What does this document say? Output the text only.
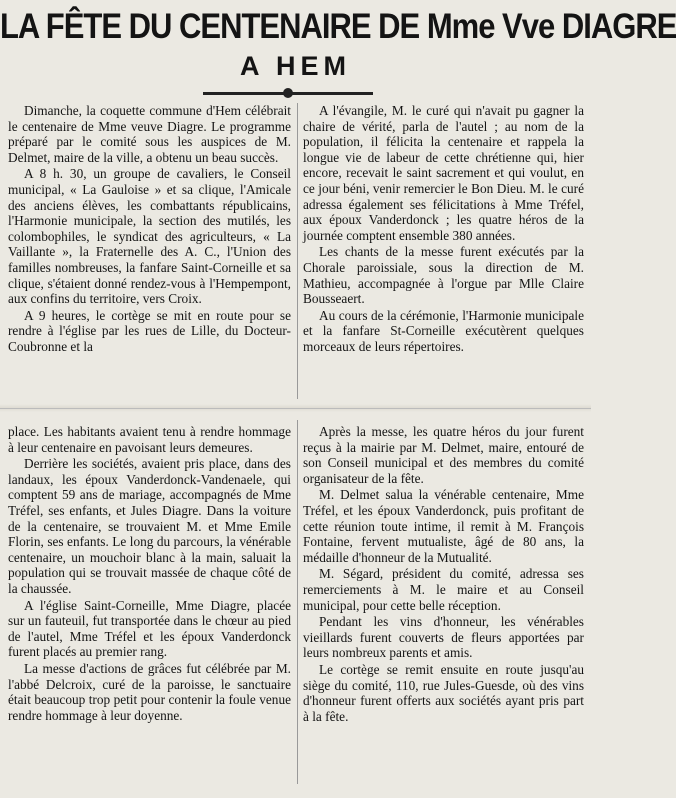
LA FÊTE DU CENTENAIRE DE Mme Vve DIAGRE
A HEM

Dimanche, la coquette commune d'Hem célébrait le centenaire de Mme veuve Diagre. Le programme préparé par le comité sous les auspices de M. Delmet, maire de la ville, a obtenu un beau succès.

A 8 h. 30, un groupe de cavaliers, le Conseil municipal, « La Gauloise » et sa clique, l'Amicale des anciens élèves, les combattants républicains, l'Harmonie municipale, la section des mutilés, les colombophiles, le syndicat des agriculteurs, « La Vaillante », la Fraternelle des A. C., l'Union des familles nombreuses, la fanfare Saint-Corneille et sa clique, s'étaient donné rendez-vous à l'Hempempont, aux confins du territoire, vers Croix.

A 9 heures, le cortège se mit en route pour se rendre à l'église par les rues de Lille, du Docteur-Coubronne et la

A l'évangile, M. le curé qui n'avait pu gagner la chaire de vérité, parla de l'autel ; au nom de la population, il félicita la centenaire et rappela la longue vie de labeur de cette chrétienne qui, hier encore, recevait le saint sacrement et qui voulut, en ce jour béni, venir remercier le Bon Dieu. M. le curé adressa également ses félicitations à Mme Tréfel, aux époux Vanderdonck ; les quatre héros de la journée comptent ensemble 380 années.

Les chants de la messe furent exécutés par la Chorale paroissiale, sous la direction de M. Mathieu, accompagnée à l'orgue par Mlle Claire Bousseaert.

Au cours de la cérémonie, l'Harmonie municipale et la fanfare St-Corneille exécutèrent quelques morceaux de leurs répertoires.

place. Les habitants avaient tenu à rendre hommage à leur centenaire en pavoisant leurs demeures.

Derrière les sociétés, avaient pris place, dans des landaux, les époux Vanderdonck-Vandenaele, qui comptent 59 ans de mariage, accompagnés de Mme Tréfel, ses enfants, et Jules Diagre. Dans la voiture de la centenaire, se trouvaient M. et Mme Emile Florin, ses enfants. Le long du parcours, la vénérable centenaire, un mouchoir blanc à la main, saluait la population qui se trouvait massée de chaque côté de la chaussée.

A l'église Saint-Corneille, Mme Diagre, placée sur un fauteuil, fut transportée dans le chœur au pied de l'autel, Mme Tréfel et les époux Vanderdonck furent placés au premier rang.

La messe d'actions de grâces fut célébrée par M. l'abbé Delcroix, curé de la paroisse, le sanctuaire était beaucoup trop petit pour contenir la foule venue rendre hommage à leur doyenne.

Après la messe, les quatre héros du jour furent reçus à la mairie par M. Delmet, maire, entouré de son Conseil municipal et des membres du comité organisateur de la fête.

M. Delmet salua la vénérable centenaire, Mme Tréfel, et les époux Vanderdonck, puis profitant de cette réunion toute intime, il remit à M. François Fontaine, fervent mutualiste, âgé de 80 ans, la médaille d'honneur de la Mutualité.

M. Ségard, président du comité, adressa ses remerciements à M. le maire et au Conseil municipal, pour cette belle réception.

Pendant les vins d'honneur, les vénérables vieillards furent couverts de fleurs apportées par leurs nombreux parents et amis.

Le cortège se remit ensuite en route jusqu'au siège du comité, 110, rue Jules-Guesde, où des vins d'honneur furent offerts aux sociétés ayant pris part à la fête.
